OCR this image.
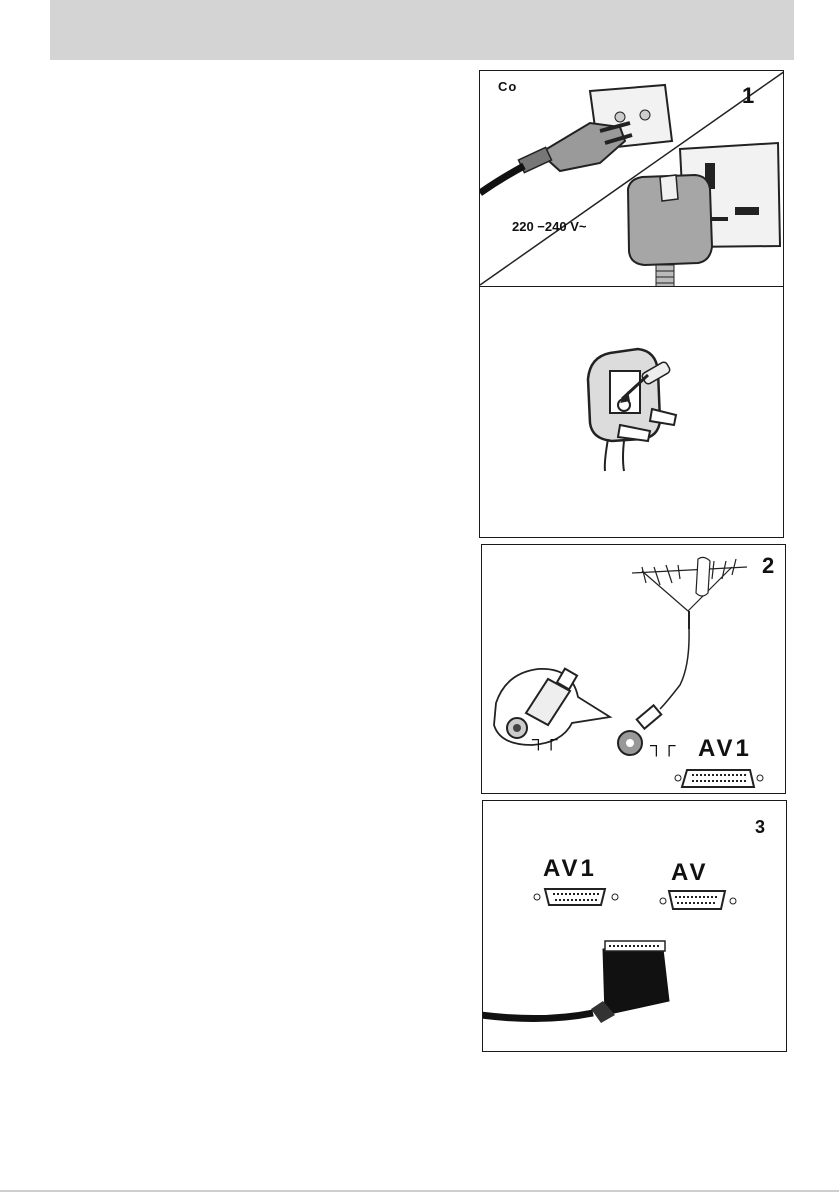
Co	1
220 −240 V~
2
┐┌	┐┌ AV1
3
AV1	AV
